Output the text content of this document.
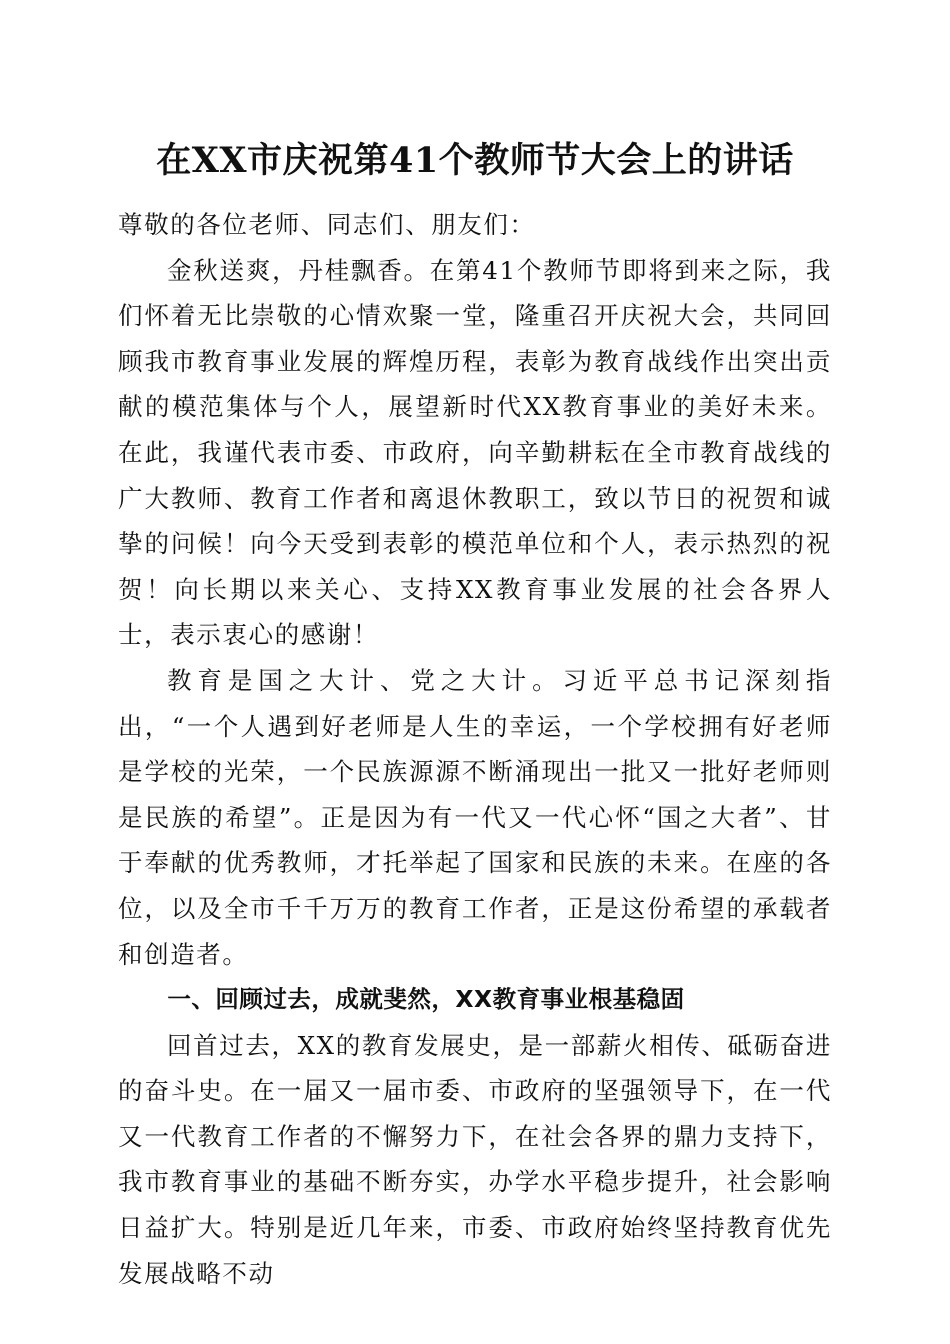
在XX市庆祝第41个教师节大会上的讲话

尊敬的各位老师、同志们、朋友们：

金秋送爽，丹桂飘香。在第41个教师节即将到来之际，我们怀着无比崇敬的心情欢聚一堂，隆重召开庆祝大会，共同回顾我市教育事业发展的辉煌历程，表彰为教育战线作出突出贡献的模范集体与个人，展望新时代XX教育事业的美好未来。在此，我谨代表市委、市政府，向辛勤耕耘在全市教育战线的广大教师、教育工作者和离退休教职工，致以节日的祝贺和诚挚的问候！向今天受到表彰的模范单位和个人，表示热烈的祝贺！向长期以来关心、支持XX教育事业发展的社会各界人士，表示衷心的感谢！

教育是国之大计、党之大计。习近平总书记深刻指出，“一个人遇到好老师是人生的幸运，一个学校拥有好老师是学校的光荣，一个民族源源不断涌现出一批又一批好老师则是民族的希望”。正是因为有一代又一代心怀“国之大者”、甘于奉献的优秀教师，才托举起了国家和民族的未来。在座的各位，以及全市千千万万的教育工作者，正是这份希望的承载者和创造者。

一、回顾过去，成就斐然，XX教育事业根基稳固

回首过去，XX的教育发展史，是一部薪火相传、砥砺奋进的奋斗史。在一届又一届市委、市政府的坚强领导下，在一代又一代教育工作者的不懈努力下，在社会各界的鼎力支持下，我市教育事业的基础不断夯实，办学水平稳步提升，社会影响日益扩大。特别是近几年来，市委、市政府始终坚持教育优先发展战略不动
